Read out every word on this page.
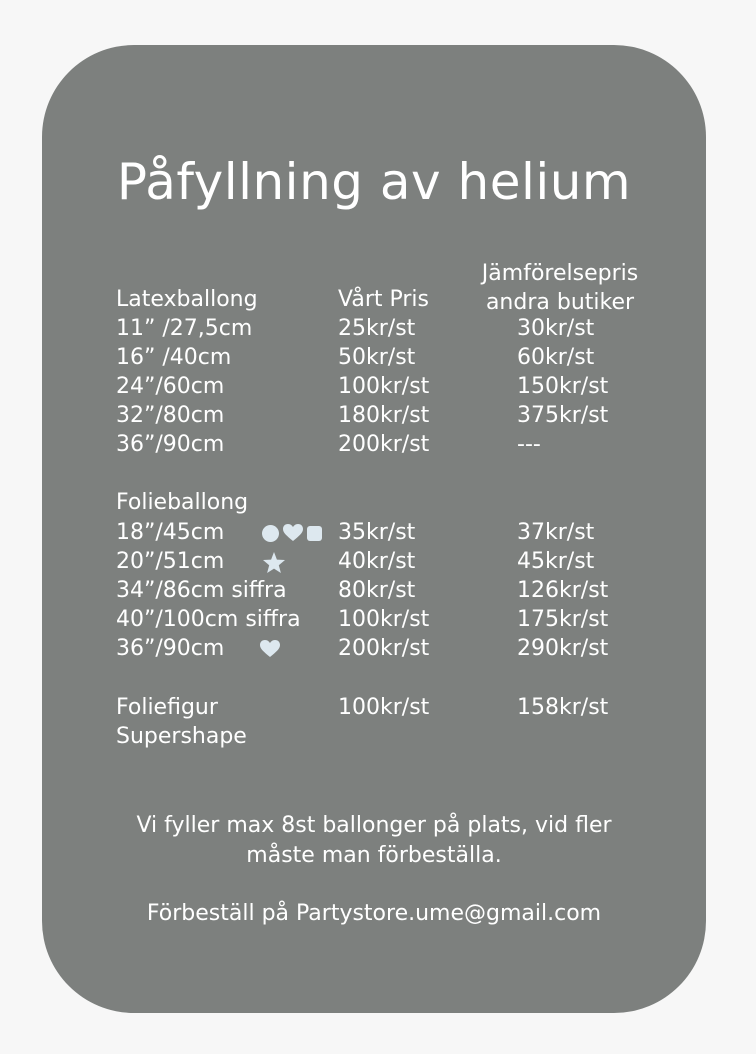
Påfyllning av helium
Latexballong	Vårt Pris
Jämförelsepris
andra butiker
11” /27,5cm	25kr/st	30kr/st
16” /40cm	50kr/st	60kr/st
24”/60cm	100kr/st	150kr/st
32”/80cm	180kr/st	375kr/st
36”/90cm	200kr/st	---
Folieballong
18”/45cm	35kr/st	37kr/st
20”/51cm	40kr/st	45kr/st
34”/86cm siffra 80kr/st	126kr/st
40”/100cm siffra 100kr/st	175kr/st
36”/90cm	200kr/st	290kr/st
Foliefigur	100kr/st	158kr/st
Supershape
Vi fyller max 8st ballonger på plats, vid fler
måste man förbeställa.
Förbeställ på Partystore.ume@gmail.com
